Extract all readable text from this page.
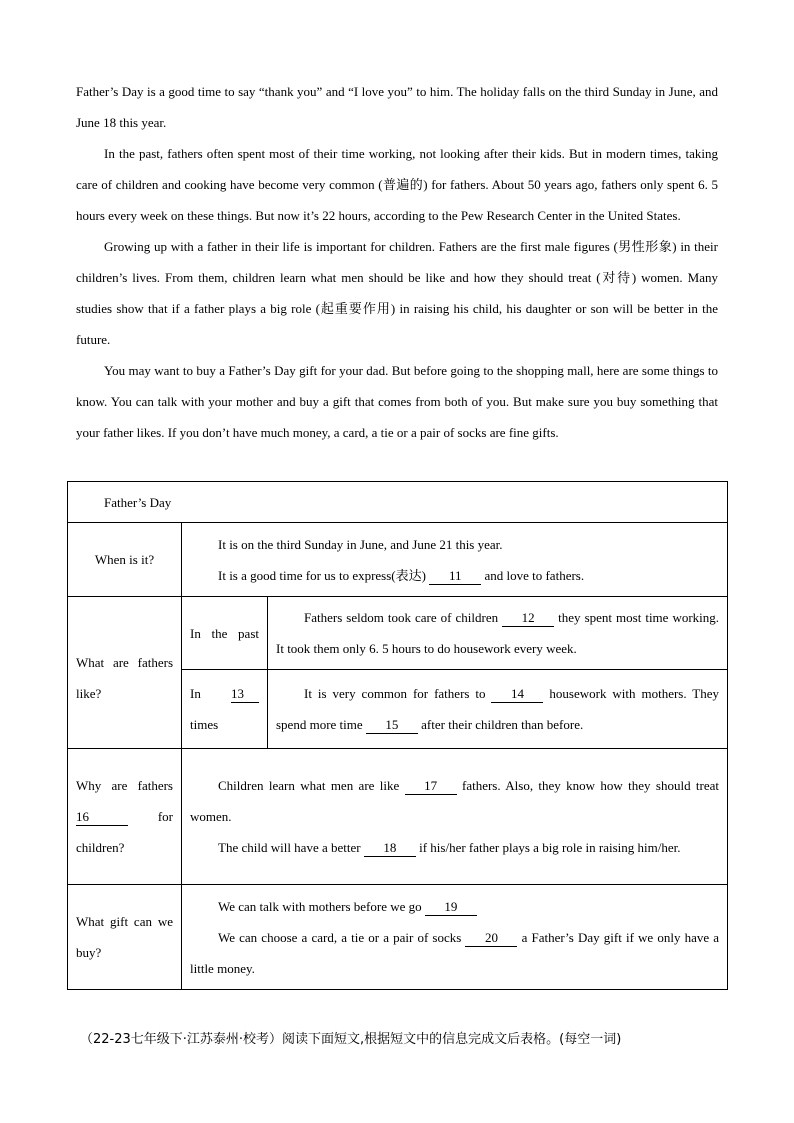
Father’s Day is a good time to say “thank you” and “I love you” to him. The holiday falls on the third Sunday in June, and June 18 this year.

In the past, fathers often spent most of their time working, not looking after their kids. But in modern times, taking care of children and cooking have become very common (普遍的) for fathers. About 50 years ago, fathers only spent 6. 5 hours every week on these things. But now it’s 22 hours, according to the Pew Research Center in the United States.

Growing up with a father in their life is important for children. Fathers are the first male figures (男性形象) in their children’s lives. From them, children learn what men should be like and how they should treat (对待) women. Many studies show that if a father plays a big role (起重要作用) in raising his child, his daughter or son will be better in the future.

You may want to buy a Father’s Day gift for your dad. But before going to the shopping mall, here are some things to know. You can talk with your mother and buy a gift that comes from both of you. But make sure you buy something that your father likes. If you don’t have much money, a card, a tie or a pair of socks are fine gifts.

Father’s Day		
When is it?	It is on the third Sunday in June, and June 21 this year.
It is a good time for us to express(表达) 11 and love to fathers.	

What are fathers like?	In the past	Fathers seldom took care of children 12 they spent most time working. It took them only 6. 5 hours to do housework every week.

	In 13 times	It is very common for fathers to 14 housework with mothers. They spend more time 15 after their children than before.

Why are fathers 16 for children?	Children learn what men are like 17 fathers. Also, they know how they should treat women.
The child will have a better 18 if his/her father plays a big role in raising him/her.	

What gift can we buy?	We can talk with mothers before we go 19
We can choose a card, a tie or a pair of socks 20 a Father’s Day gift if we only have a little money.	
（22-23七年级下·江苏泰州·校考）阅读下面短文,根据短文中的信息完成文后表格。(每空一词)
